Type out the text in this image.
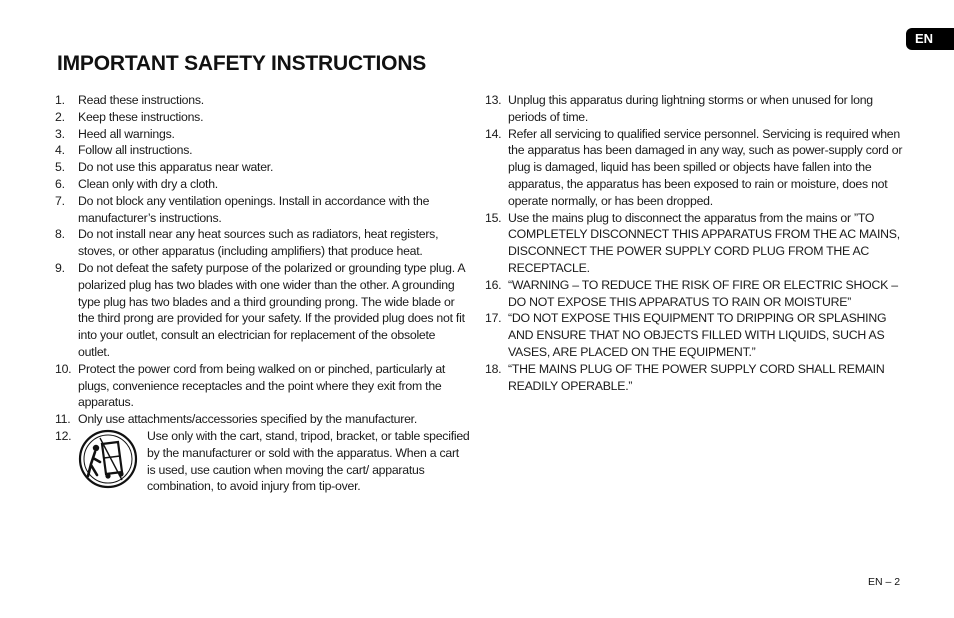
EN
IMPORTANT SAFETY INSTRUCTIONS
1.	Read these instructions.
2.	Keep these instructions.
3.	Heed all warnings.
4.	Follow all instructions.
5.	Do not use this apparatus near water.
6.	Clean only with dry a cloth.
7.	Do not block any ventilation openings. Install in accordance with the manufacturer’s instructions.
8.	Do not install near any heat sources such as radiators, heat registers, stoves, or other apparatus (including amplifiers) that produce heat.
9.	Do not defeat the safety purpose of the polarized or grounding type plug. A polarized plug has two blades with one wider than the other. A grounding type plug has two blades and a third grounding prong. The wide blade or the third prong are provided for your safety. If the provided plug does not fit into your outlet, consult an electrician for replacement of the obsolete outlet.
10. Protect the power cord from being walked on or pinched, particularly at plugs, convenience receptacles and the point where they exit from the apparatus.
11. Only use attachments/accessories specified by the manufacturer.
12.	Use only with the cart, stand, tripod, bracket, or table specified by the manufacturer or sold with the apparatus. When a cart is used, use caution when moving the cart/ apparatus combination, to avoid injury from tip-over.
13. Unplug this apparatus during lightning storms or when unused for long periods of time.
14. Refer all servicing to qualified service personnel. Servicing is required when the apparatus has been damaged in any way, such as power-supply cord or plug is damaged, liquid has been spilled or objects have fallen into the apparatus, the apparatus has been exposed to rain or moisture, does not operate normally, or has been dropped.
15. Use the mains plug to disconnect the apparatus from the mains or ”TO COMPLETELY DISCONNECT THIS APPARATUS FROM THE AC MAINS, DISCONNECT THE POWER SUPPLY CORD PLUG FROM THE AC RECEPTACLE.
16. “WARNING – TO REDUCE THE RISK OF FIRE OR ELECTRIC SHOCK – DO NOT EXPOSE THIS APPARATUS TO RAIN OR MOISTURE”
17. “DO NOT EXPOSE THIS EQUIPMENT TO DRIPPING OR SPLASHING AND ENSURE THAT NO OBJECTS FILLED WITH LIQUIDS, SUCH AS VASES, ARE PLACED ON THE EQUIPMENT.”
18. “THE MAINS PLUG OF THE POWER SUPPLY CORD SHALL REMAIN READILY OPERABLE.”
EN – 2
